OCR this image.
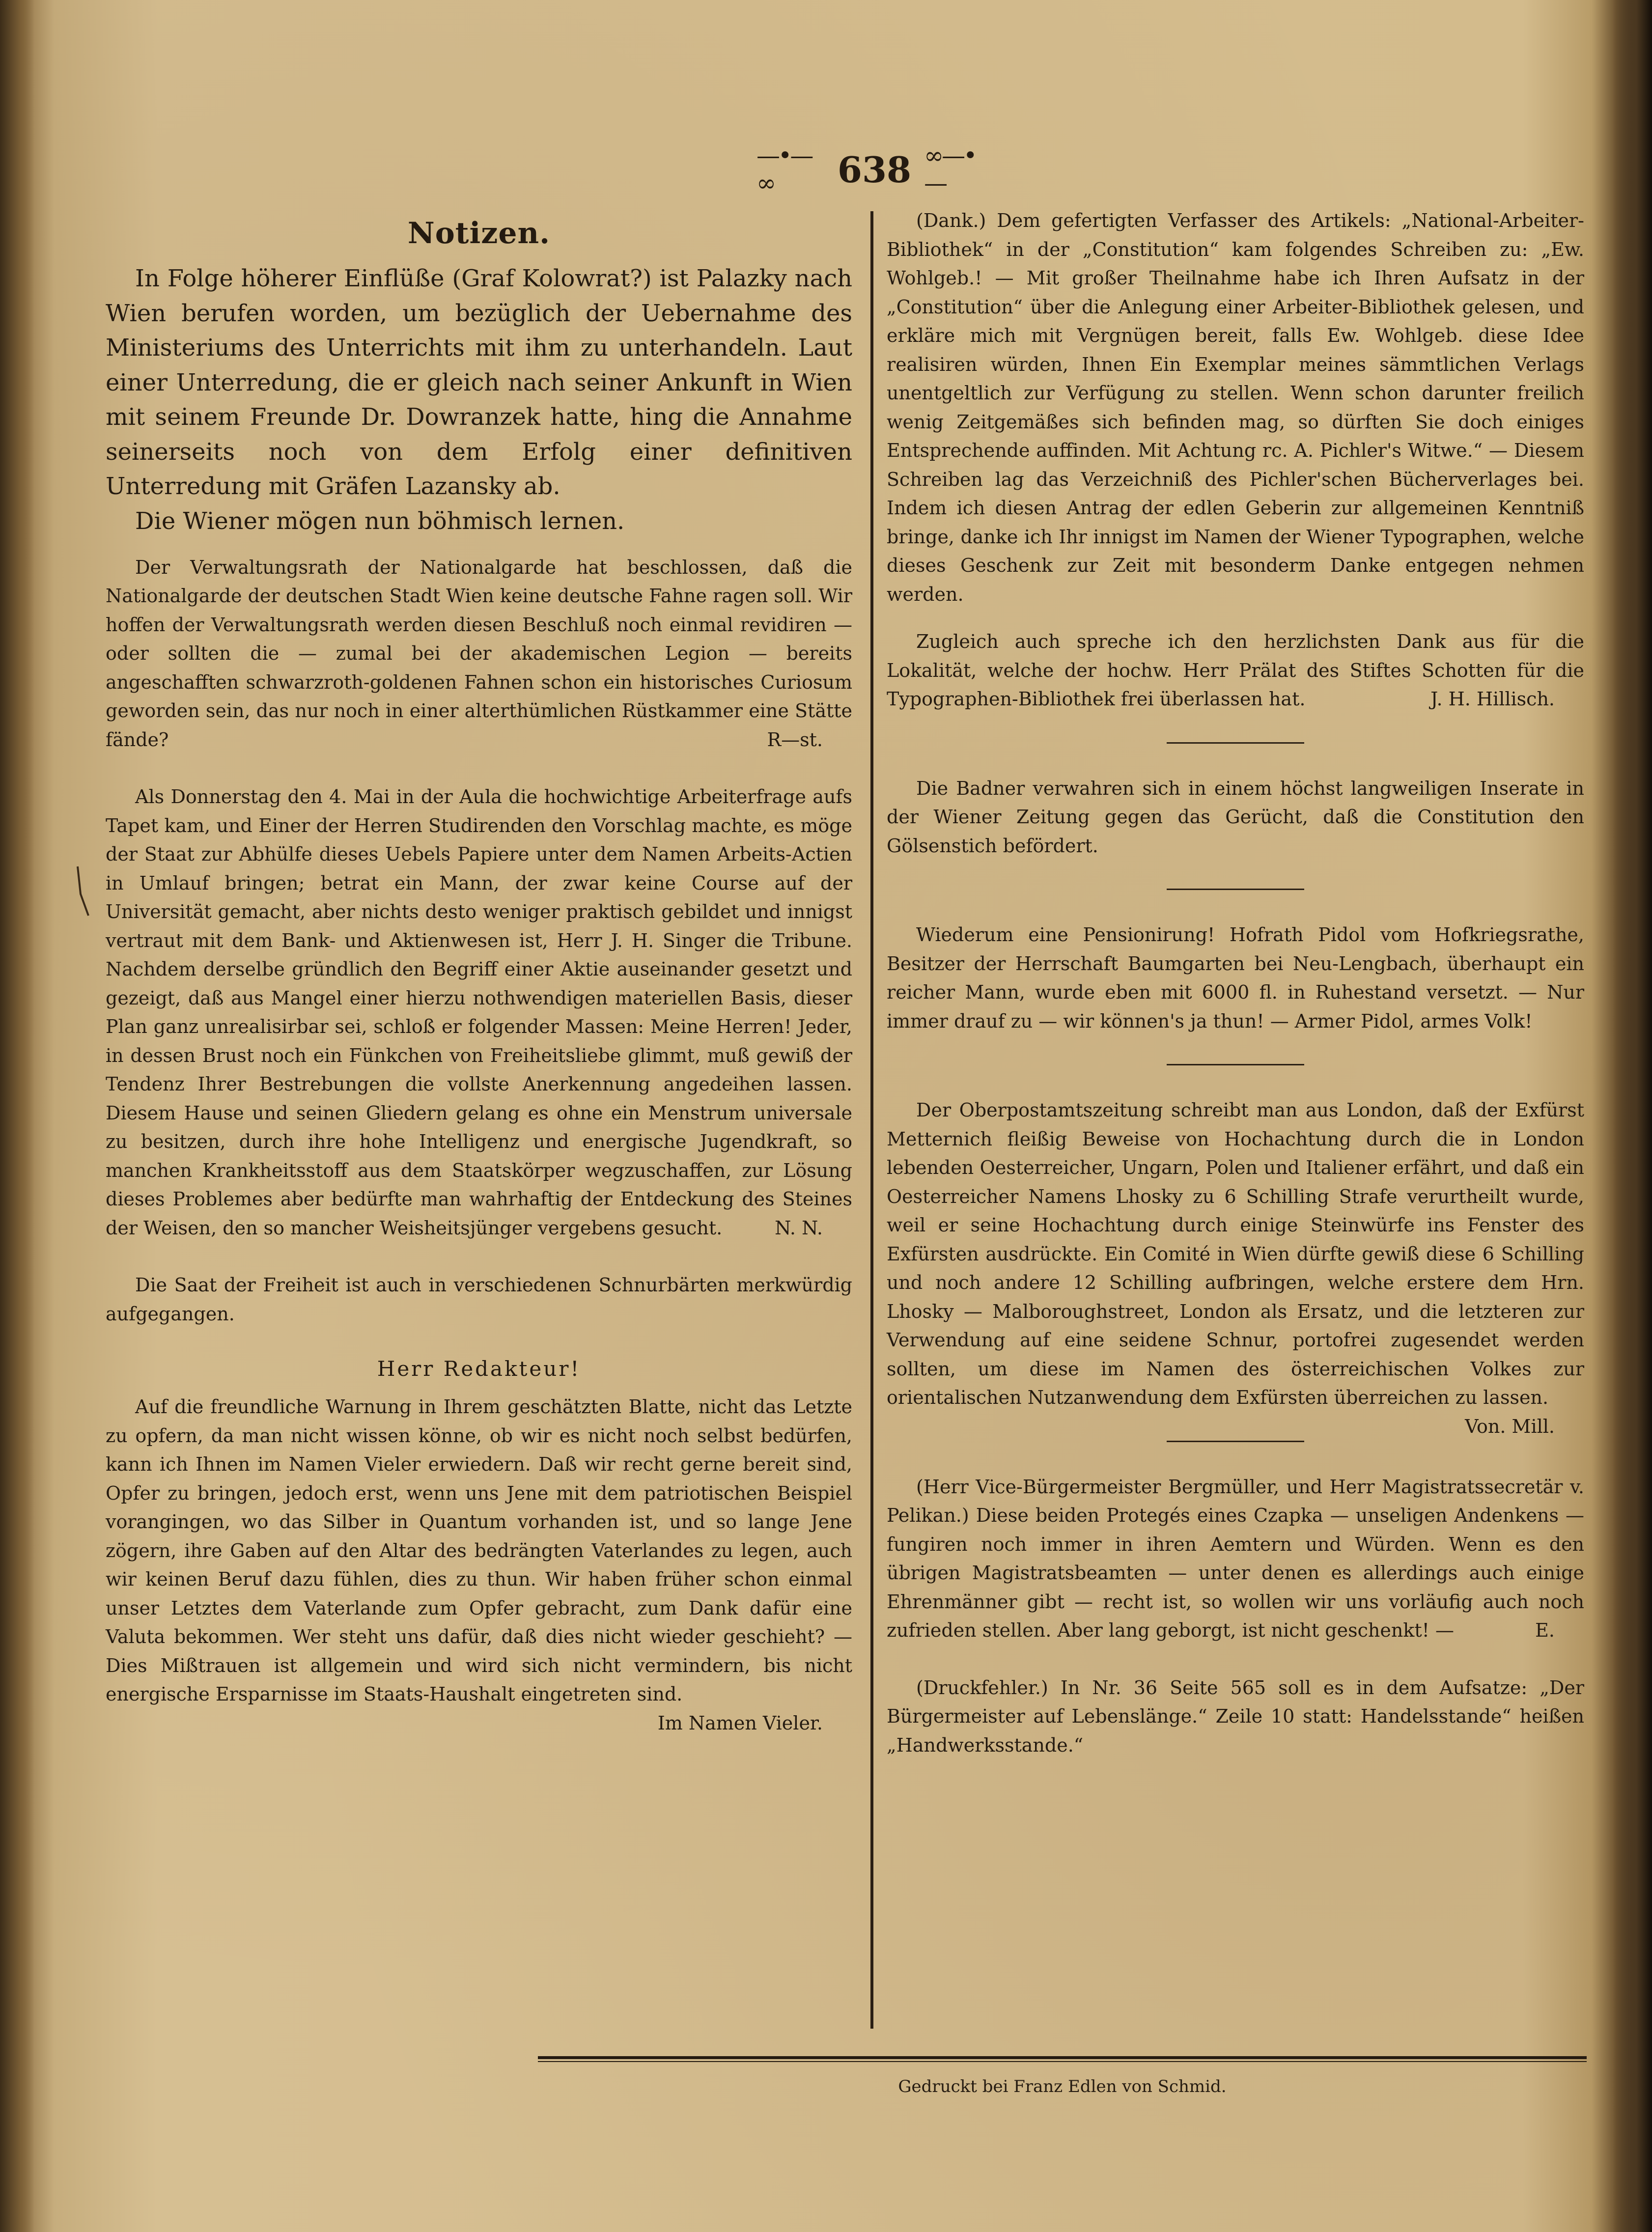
—•—∞	638 ∞—•—
Notizen.

In Folge höherer Einflüße (Graf Kolowrat?) ist Palazky nach Wien berufen worden, um bezüglich der Uebernahme des Ministeriums des Unterrichts mit ihm zu unterhandeln. Laut einer Unterredung, die er gleich nach seiner Ankunft in Wien mit seinem Freunde Dr. Dowranzek hatte, hing die Annahme seinerseits noch von dem Erfolg einer definitiven Unterredung mit Gräfen Lazansky ab.

Die Wiener mögen nun böhmisch lernen.

Der Verwaltungsrath der Nationalgarde hat beschlossen, daß die Nationalgarde der deutschen Stadt Wien keine deutsche Fahne ragen soll. Wir hoffen der Verwaltungsrath werden diesen Beschluß noch einmal revidiren — oder sollten die — zumal bei der akademischen Legion — bereits angeschafften schwarzroth-goldenen Fahnen schon ein historisches Curiosum geworden sein, das nur noch in einer alterthümlichen Rüstkammer eine Stätte fände?	R—st.

Als Donnerstag den 4. Mai in der Aula die hochwichtige Arbeiterfrage aufs Tapet kam, und Einer der Herren Studirenden den Vorschlag machte, es möge der Staat zur Abhülfe dieses Uebels Papiere unter dem Namen Arbeits-Actien in Umlauf bringen; betrat ein Mann, der zwar keine Course auf der Universität gemacht, aber nichts desto weniger praktisch gebildet und innigst vertraut mit dem Bank- und Aktienwesen ist, Herr J. H. Singer die Tribune. Nachdem derselbe gründlich den Begriff einer Aktie auseinander gesetzt und gezeigt, daß aus Mangel einer hierzu nothwendigen materiellen Basis, dieser Plan ganz unrealisirbar sei, schloß er folgender Massen: Meine Herren! Jeder, in dessen Brust noch ein Fünkchen von Freiheitsliebe glimmt, muß gewiß der Tendenz Ihrer Bestrebungen die vollste Anerkennung angedeihen lassen. Diesem Hause und seinen Gliedern gelang es ohne ein Menstrum universale zu besitzen, durch ihre hohe Intelligenz und energische Jugendkraft, so manchen Krankheitsstoff aus dem Staatskörper wegzuschaffen, zur Lösung dieses Problemes aber bedürfte man wahrhaftig der Entdeckung des Steines der Weisen, den so mancher Weisheitsjünger vergebens gesucht.	N. N.

Die Saat der Freiheit ist auch in verschiedenen Schnurbärten merkwürdig aufgegangen.

Herr Redakteur!

Auf die freundliche Warnung in Ihrem geschätzten Blatte, nicht das Letzte zu opfern, da man nicht wissen könne, ob wir es nicht noch selbst bedürfen, kann ich Ihnen im Namen Vieler erwiedern. Daß wir recht gerne bereit sind, Opfer zu bringen, jedoch erst, wenn uns Jene mit dem patriotischen Beispiel vorangingen, wo das Silber in Quantum vorhanden ist, und so lange Jene zögern, ihre Gaben auf den Altar des bedrängten Vaterlandes zu legen, auch wir keinen Beruf dazu fühlen, dies zu thun. Wir haben früher schon einmal unser Letztes dem Vaterlande zum Opfer gebracht, zum Dank dafür eine Valuta bekommen. Wer steht uns dafür, daß dies nicht wieder geschieht? — Dies Mißtrauen ist allgemein und wird sich nicht vermindern, bis nicht energische Ersparnisse im Staats-Haushalt eingetreten sind.
Im Namen Vieler.

(Dank.) Dem gefertigten Verfasser des Artikels: „National-Arbeiter-Bibliothek“ in der „Constitution“ kam folgendes Schreiben zu: „Ew. Wohlgeb.! — Mit großer Theilnahme habe ich Ihren Aufsatz in der „Constitution“ über die Anlegung einer Arbeiter-Bibliothek gelesen, und erkläre mich mit Vergnügen bereit, falls Ew. Wohlgeb. diese Idee realisiren würden, Ihnen Ein Exemplar meines sämmtlichen Verlags unentgeltlich zur Verfügung zu stellen. Wenn schon darunter freilich wenig Zeitgemäßes sich befinden mag, so dürften Sie doch einiges Entsprechende auffinden. Mit Achtung rc. A. Pichler's Witwe.“ — Diesem Schreiben lag das Verzeichniß des Pichler'schen Bücherverlages bei. Indem ich diesen Antrag der edlen Geberin zur allgemeinen Kenntniß bringe, danke ich Ihr innigst im Namen der Wiener Typographen, welche dieses Geschenk zur Zeit mit besonderm Danke entgegen nehmen werden.

Zugleich auch spreche ich den herzlichsten Dank aus für die Lokalität, welche der hochw. Herr Prälat des Stiftes Schotten für die Typographen-Bibliothek frei überlassen hat.	J. H. Hillisch.

Die Badner verwahren sich in einem höchst langweiligen Inserate in der Wiener Zeitung gegen das Gerücht, daß die Constitution den Gölsenstich befördert.

Wiederum eine Pensionirung! Hofrath Pidol vom Hofkriegsrathe, Besitzer der Herrschaft Baumgarten bei Neu-Lengbach, überhaupt ein reicher Mann, wurde eben mit 6000 fl. in Ruhestand versetzt. — Nur immer drauf zu — wir können's ja thun! — Armer Pidol, armes Volk!

Der Oberpostamtszeitung schreibt man aus London, daß der Exfürst Metternich fleißig Beweise von Hochachtung durch die in London lebenden Oesterreicher, Ungarn, Polen und Italiener erfährt, und daß ein Oesterreicher Namens Lhosky zu 6 Schilling Strafe verurtheilt wurde, weil er seine Hochachtung durch einige Steinwürfe ins Fenster des Exfürsten ausdrückte. Ein Comité in Wien dürfte gewiß diese 6 Schilling und noch andere 12 Schilling aufbringen, welche erstere dem Hrn. Lhosky — Malboroughstreet, London als Ersatz, und die letzteren zur Verwendung auf eine seidene Schnur, portofrei zugesendet werden sollten, um diese im Namen des österreichischen Volkes zur orientalischen Nutzanwendung dem Exfürsten überreichen zu lassen.
Von. Mill.

(Herr Vice-Bürgermeister Bergmüller, und Herr Magistratssecretär v. Pelikan.) Diese beiden Protegés eines Czapka — unseligen Andenkens — fungiren noch immer in ihren Aemtern und Würden. Wenn es den übrigen Magistratsbeamten — unter denen es allerdings auch einige Ehrenmänner gibt — recht ist, so wollen wir uns vorläufig auch noch zufrieden stellen. Aber lang geborgt, ist nicht geschenkt! —	E.

(Druckfehler.) In Nr. 36 Seite 565 soll es in dem Aufsatze: „Der Bürgermeister auf Lebenslänge.“ Zeile 10 statt: Handelsstande“ heißen „Handwerksstande.“

Gedruckt bei Franz Edlen von Schmid.
